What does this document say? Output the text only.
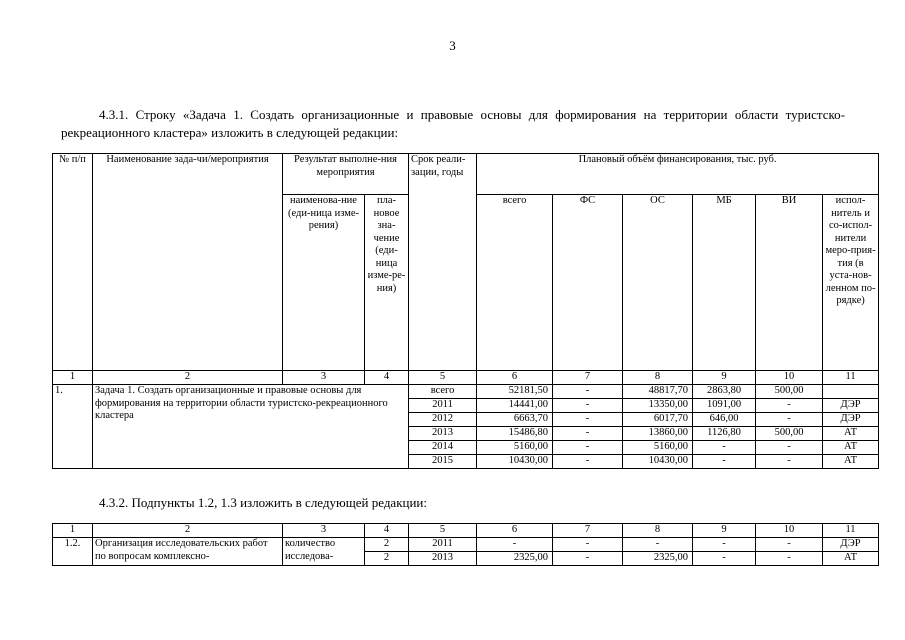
3
4.3.1. Строку «Задача 1. Создать организационные и правовые основы для формирования на территории области туристско-рекреационного кластера» изложить в следующей редакции:
№ п/п	Наименование зада-чи/мероприятия	Результат выполне-ния мероприятия		Срок реали-зации, годы	Плановый объём финансирования, тыс. руб.					
		наименова-ние (еди-ница изме-рения)	пла-новое зна-чение (еди-ница изме-ре-ния)		всего	ФС	ОС	МБ	ВИ	испол-нитель и со-испол-нители меро-прия-тия (в уста-нов-ленном по-рядке)
1	2	3	4	5	6	7	8	9	10	11
1.	Задача 1. Создать организационные и правовые основы для формирования на территории области туристско-рекреационного кластера			всего	52181,50	-	48817,70	2863,80	500,00	
				2011	14441,00	-	13350,00	1091,00	-	ДЭР
				2012	6663,70	-	6017,70	646,00	-	ДЭР
				2013	15486,80	-	13860,00	1126,80	500,00	АТ
				2014	5160,00	-	5160,00	-	-	АТ
				2015	10430,00	-	10430,00	-	-	АТ
4.3.2. Подпункты 1.2, 1.3 изложить в следующей редакции:
1	2	3	4	5	6	7	8	9	10	11
1.2.	Организация исследовательских работ по вопросам комплексно-	количество исследова-	2	2011	-	-	-	-	-	ДЭР
			2	2013	2325,00	-	2325,00	-	-	АТ
